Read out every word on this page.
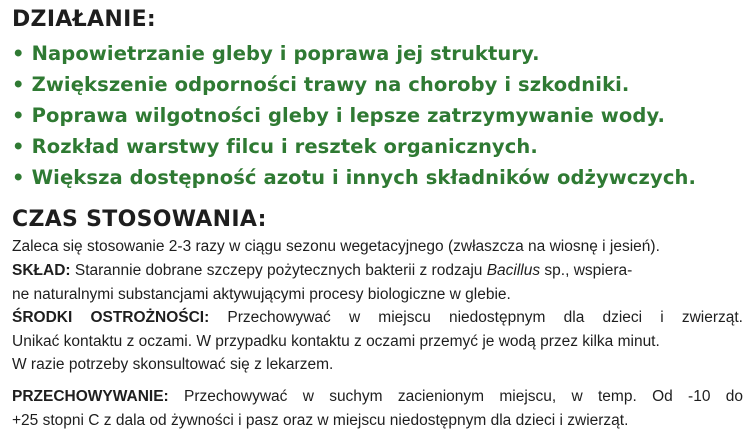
DZIAŁANIE:
• Napowietrzanie gleby i poprawa jej struktury.
• Zwiększenie odporności trawy na choroby i szkodniki.
• Poprawa wilgotności gleby i lepsze zatrzymywanie wody.
• Rozkład warstwy filcu i resztek organicznych.
• Większa dostępność azotu i innych składników odżywczych.
CZAS STOSOWANIA:
Zaleca się stosowanie 2-3 razy w ciągu sezonu wegetacyjnego (zwłaszcza na wiosnę i jesień).
SKŁAD: Starannie dobrane szczepy pożytecznych bakterii z rodzaju Bacillus sp., wspiera-
ne naturalnymi substancjami aktywującymi procesy biologiczne w glebie.
ŚRODKI OSTROŻNOŚCI: Przechowywać w miejscu niedostępnym dla dzieci i zwierząt.
Unikać kontaktu z oczami. W przypadku kontaktu z oczami przemyć je wodą przez kilka minut.
W razie potrzeby skonsultować się z lekarzem.
PRZECHOWYWANIE: Przechowywać w suchym zacienionym miejscu, w temp. Od -10 do
+25 stopni C z dala od żywności i pasz oraz w miejscu niedostępnym dla dzieci i zwierząt.
